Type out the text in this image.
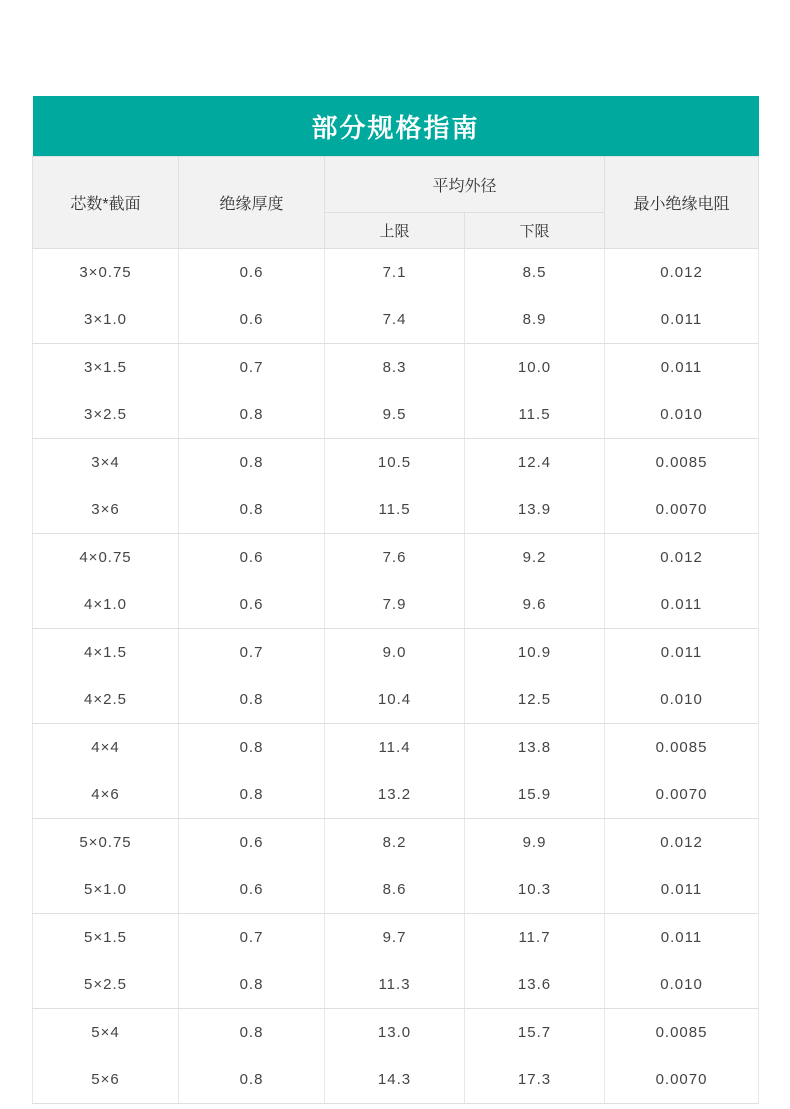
部分规格指南				
芯数*截面	绝缘厚度	平均外径		最小绝缘电阻
		上限	下限	
3×0.75	0.6	7.1	8.5	0.012
3×1.0	0.6	7.4	8.9	0.011
3×1.5	0.7	8.3	10.0	0.011
3×2.5	0.8	9.5	11.5	0.010
3×4	0.8	10.5	12.4	0.0085
3×6	0.8	11.5	13.9	0.0070
4×0.75	0.6	7.6	9.2	0.012
4×1.0	0.6	7.9	9.6	0.011
4×1.5	0.7	9.0	10.9	0.011
4×2.5	0.8	10.4	12.5	0.010
4×4	0.8	11.4	13.8	0.0085
4×6	0.8	13.2	15.9	0.0070
5×0.75	0.6	8.2	9.9	0.012
5×1.0	0.6	8.6	10.3	0.011
5×1.5	0.7	9.7	11.7	0.011
5×2.5	0.8	11.3	13.6	0.010
5×4	0.8	13.0	15.7	0.0085
5×6	0.8	14.3	17.3	0.0070
